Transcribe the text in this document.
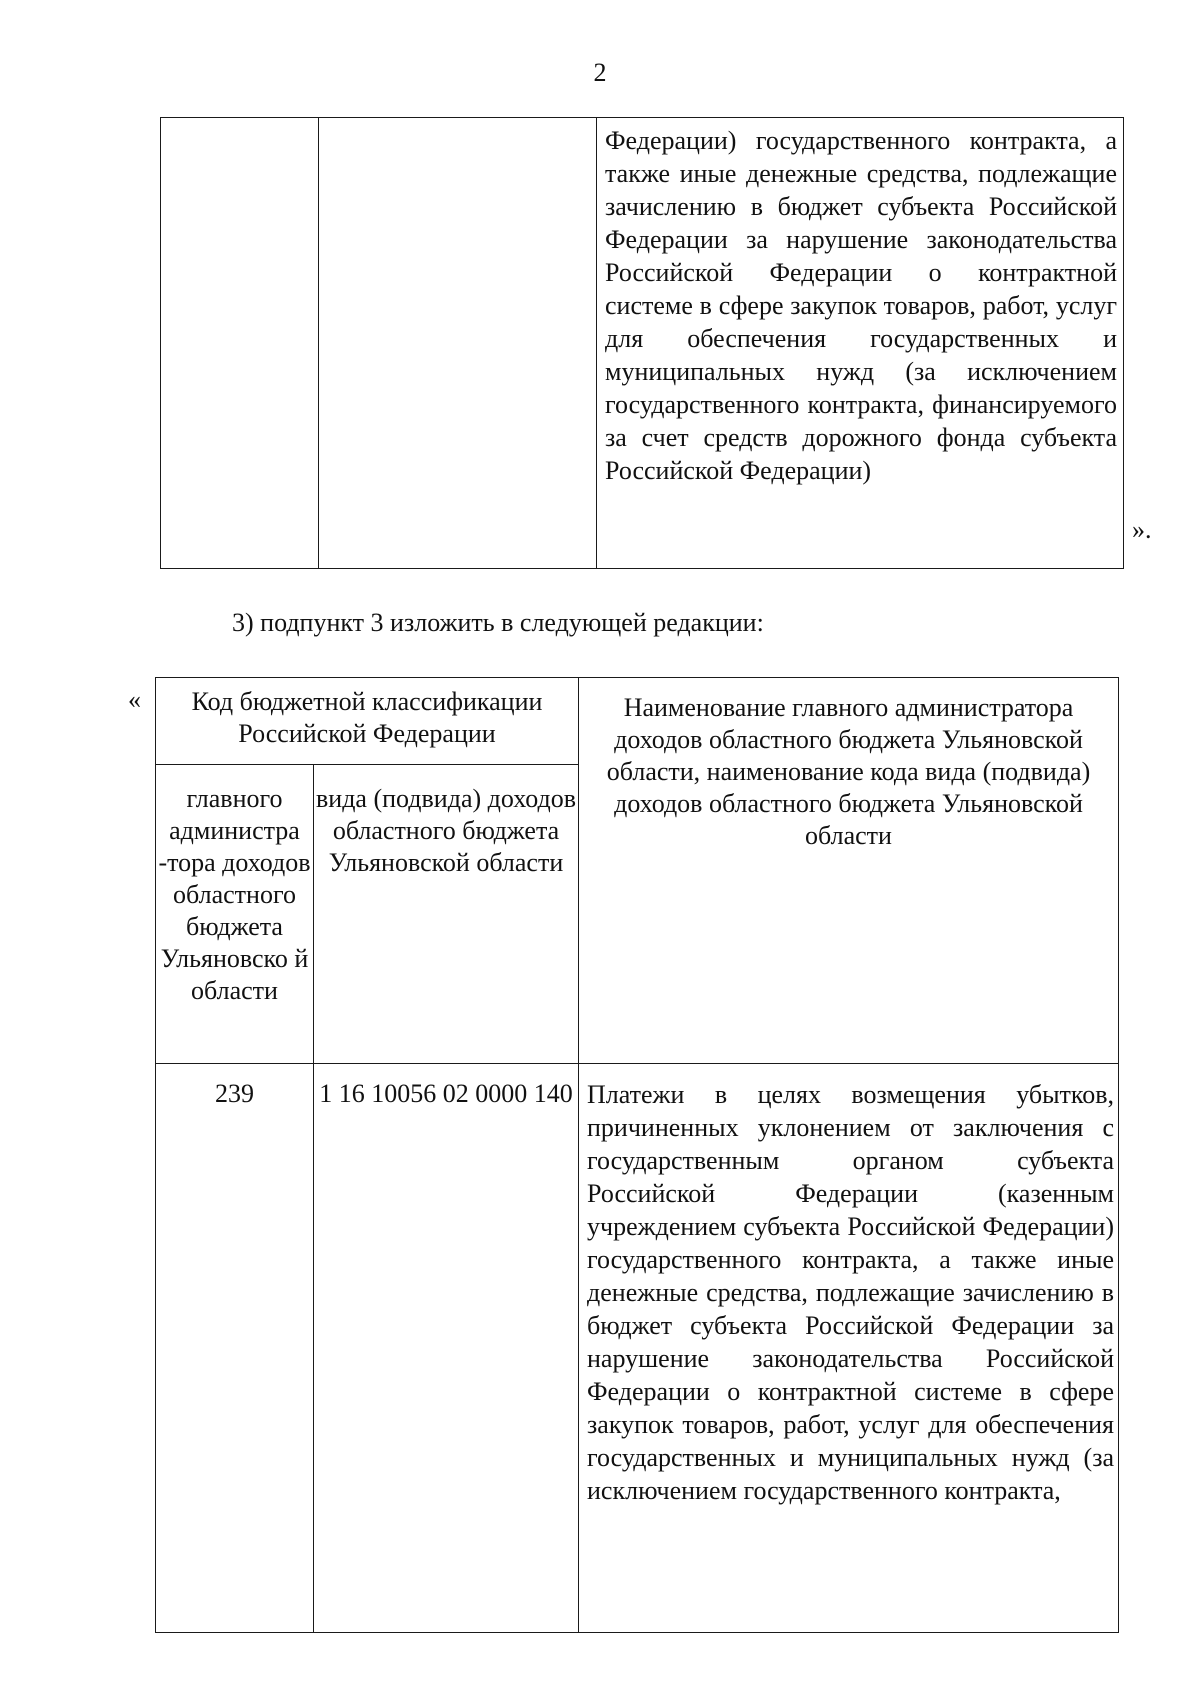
2

Федерации) государственного контракта, а также иные денежные средства, подлежащие зачислению в бюджет субъекта Российской Федерации за нарушение законодательства Российской Федерации о контрактной системе в сфере закупок товаров, работ, услуг для обеспечения государственных и муниципальных нужд (за исключением государственного контракта, финансируемого за счет средств дорожного фонда субъекта Российской Федерации)
».
3) подпункт 3 изложить в следующей редакции:
«	Код бюджетной классификации Российской Федерации		Наименование главного администратора доходов областного бюджета Ульяновской области, наименование кода вида (подвида) доходов областного бюджета Ульяновской области

главного администра -тора доходов областного бюджета Ульяновско й области	вида (подвида) доходов областного бюджета Ульяновской области	

239	1 16 10056 02 0000 140	Платежи в целях возмещения убытков, причиненных уклонением от заключения с государственным органом субъекта Российской Федерации (казенным учреждением субъекта Российской Федерации) государственного контракта, а также иные денежные средства, подлежащие зачислению в бюджет субъекта Российской Федерации за нарушение законодательства Российской Федерации о контрактной системе в сфере закупок товаров, работ, услуг для обеспечения государственных и муниципальных нужд (за исключением государственного контракта,
